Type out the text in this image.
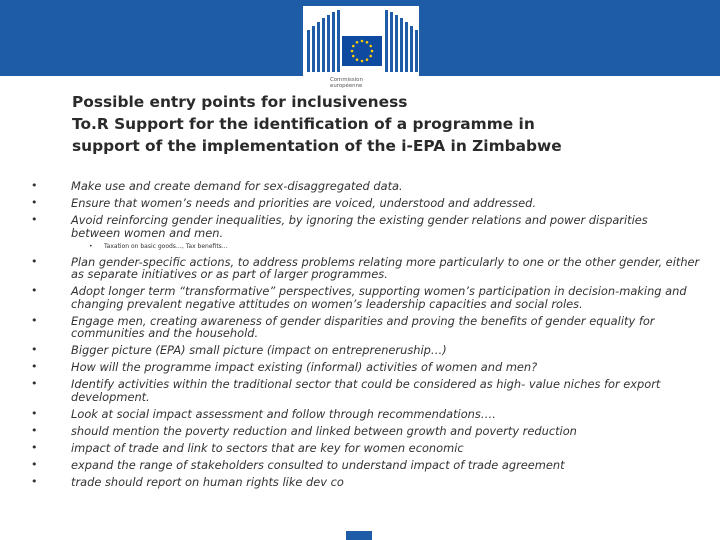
Commission
européenne
Possible entry points for inclusiveness
To.R Support for the identification of a programme in
support of the implementation of the i-EPA in Zimbabwe
•	Make use and create demand for sex-disaggregated data.
•	Ensure that women’s needs and priorities are voiced, understood and addressed.
•	Avoid reinforcing gender inequalities, by ignoring the existing gender relations and power disparities between women and men.
• Taxation on basic goods…, Tax benefits…
•	Plan gender-specific actions, to address problems relating more particularly to one or the other gender, either as separate initiatives or as part of larger programmes.
•	Adopt longer term “transformative” perspectives, supporting women’s participation in decision-making and changing prevalent negative attitudes on women’s leadership capacities and social roles.
•	Engage men, creating awareness of gender disparities and proving the benefits of gender equality for communities and the household.
•	Bigger picture (EPA) small picture (impact on entrepreneruship…)
•	How will the programme impact existing (informal) activities of women and men?
•	Identify activities within the traditional sector that could be considered as high- value niches for export development.
•	Look at social impact assessment and follow through recommendations….
•	should mention the poverty reduction and linked between growth and poverty reduction
•	impact of trade and link to sectors that are key for women economic
•	expand the range of stakeholders consulted to understand impact of trade agreement
•	trade should report on human rights like dev co
